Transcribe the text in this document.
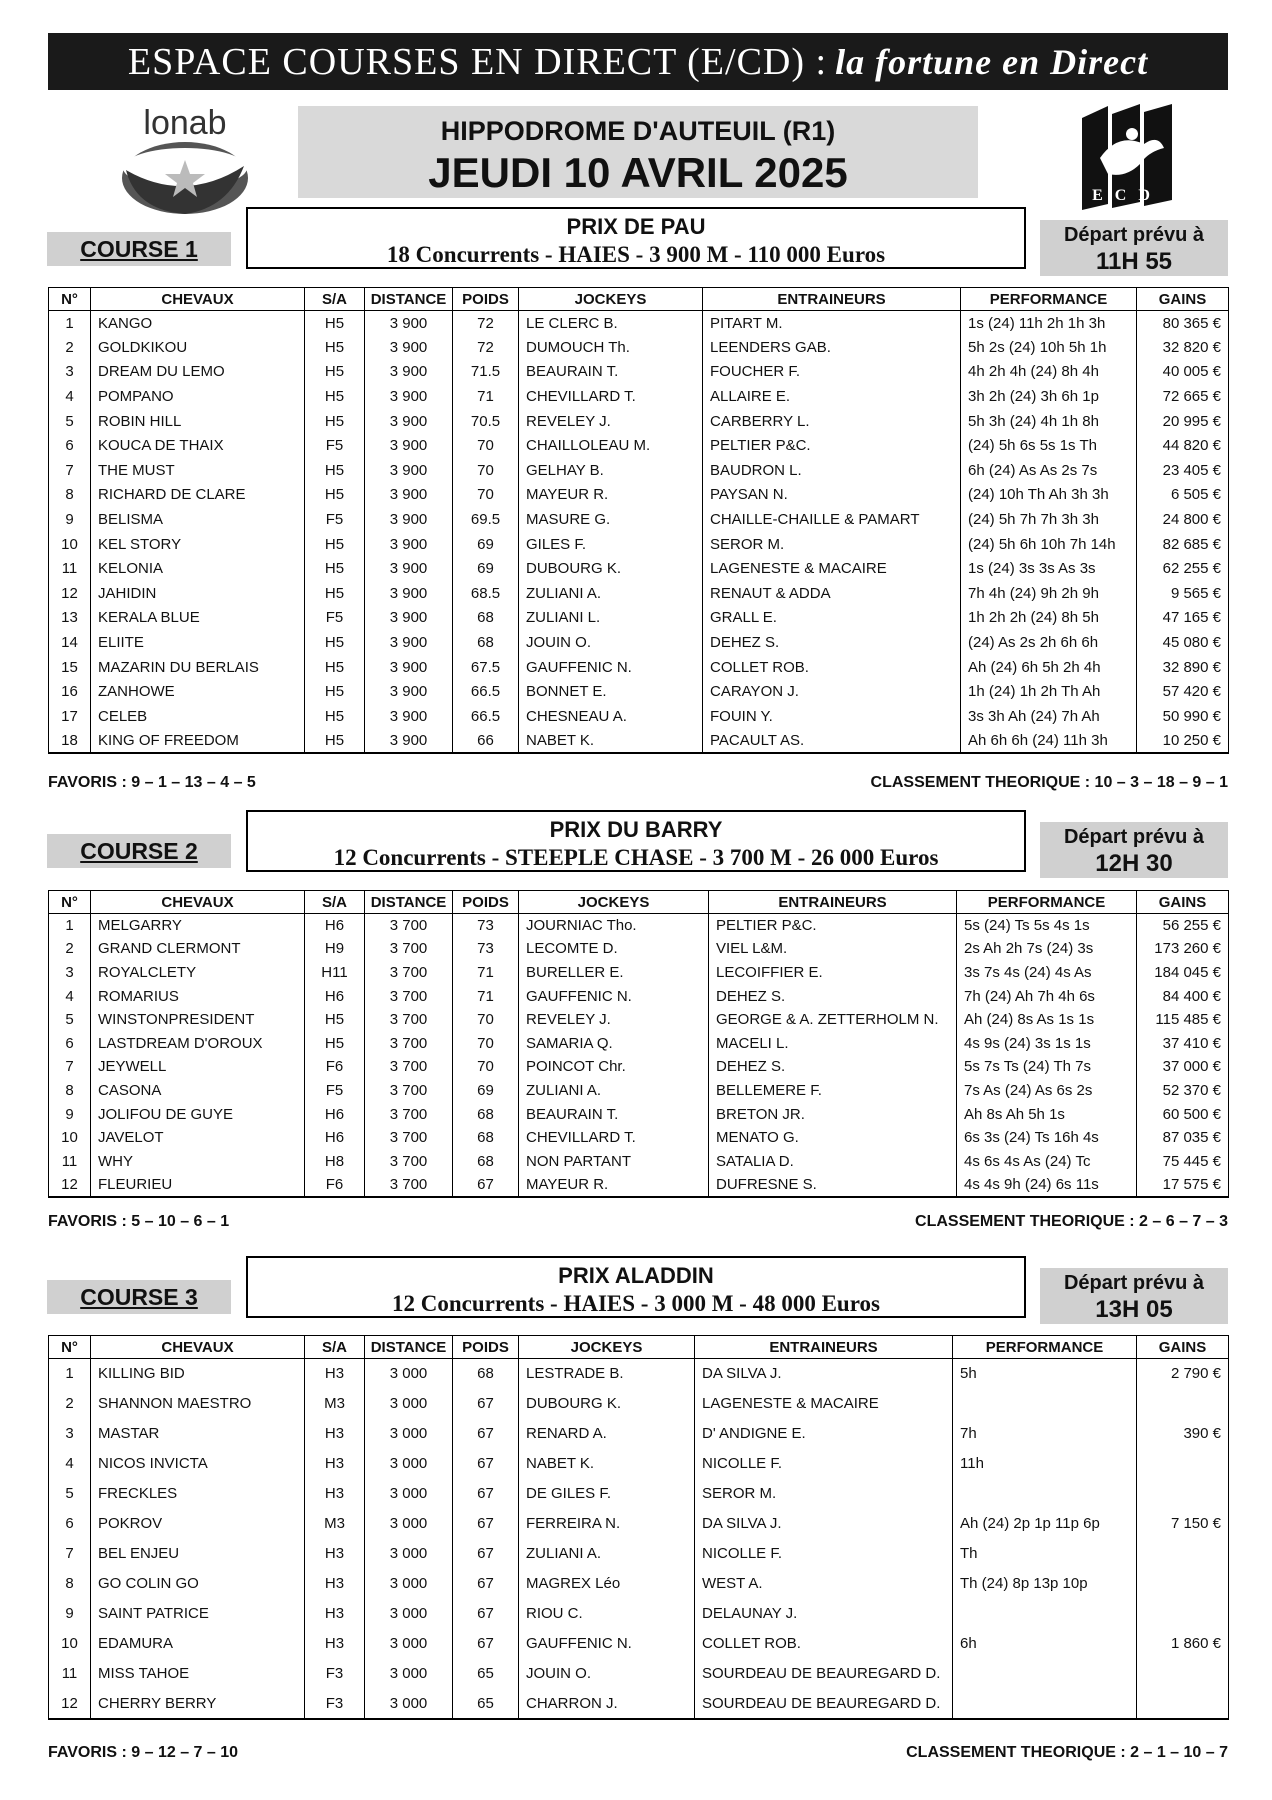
ESPACE COURSES EN DIRECT (E/CD) : la fortune en Direct
lonab	HIPPODROME D'AUTEUIL (R1)
JEUDI 10 AVRIL 2025	ECD
COURSE 1
PRIX DE PAU
18 Concurrents - HAIES - 3 900 M - 110 000 Euros
Départ prévu à
11H 55
N°	CHEVAUX	S/A	DISTANCE	POIDS	JOCKEYS	ENTRAINEURS	PERFORMANCE	GAINS
1	KANGO	H5	3 900	72	LE CLERC B.	PITART M.	1s (24) 11h 2h 1h 3h	80 365 €
2	GOLDKIKOU	H5	3 900	72	DUMOUCH Th.	LEENDERS GAB.	5h 2s (24) 10h 5h 1h	32 820 €
3	DREAM DU LEMO	H5	3 900	71.5	BEAURAIN T.	FOUCHER F.	4h 2h 4h (24) 8h 4h	40 005 €
4	POMPANO	H5	3 900	71	CHEVILLARD T.	ALLAIRE E.	3h 2h (24) 3h 6h 1p	72 665 €
5	ROBIN HILL	H5	3 900	70.5	REVELEY J.	CARBERRY L.	5h 3h (24) 4h 1h 8h	20 995 €
6	KOUCA DE THAIX	F5	3 900	70	CHAILLOLEAU M.	PELTIER P&C.	(24) 5h 6s 5s 1s Th	44 820 €
7	THE MUST	H5	3 900	70	GELHAY B.	BAUDRON L.	6h (24) As As 2s 7s	23 405 €
8	RICHARD DE CLARE	H5	3 900	70	MAYEUR R.	PAYSAN N.	(24) 10h Th Ah 3h 3h	6 505 €
9	BELISMA	F5	3 900	69.5	MASURE G.	CHAILLE-CHAILLE & PAMART	(24) 5h 7h 7h 3h 3h	24 800 €
10	KEL STORY	H5	3 900	69	GILES F.	SEROR M.	(24) 5h 6h 10h 7h 14h	82 685 €
11	KELONIA	H5	3 900	69	DUBOURG K.	LAGENESTE & MACAIRE	1s (24) 3s 3s As 3s	62 255 €
12	JAHIDIN	H5	3 900	68.5	ZULIANI A.	RENAUT & ADDA	7h 4h (24) 9h 2h 9h	9 565 €
13	KERALA BLUE	F5	3 900	68	ZULIANI L.	GRALL E.	1h 2h 2h (24) 8h 5h	47 165 €
14	ELIITE	H5	3 900	68	JOUIN O.	DEHEZ S.	(24) As 2s 2h 6h 6h	45 080 €
15	MAZARIN DU BERLAIS	H5	3 900	67.5	GAUFFENIC N.	COLLET ROB.	Ah (24) 6h 5h 2h 4h	32 890 €
16	ZANHOWE	H5	3 900	66.5	BONNET E.	CARAYON J.	1h (24) 1h 2h Th Ah	57 420 €
17	CELEB	H5	3 900	66.5	CHESNEAU A.	FOUIN Y.	3s 3h Ah (24) 7h Ah	50 990 €
18	KING OF FREEDOM	H5	3 900	66	NABET K.	PACAULT AS.	Ah 6h 6h (24) 11h 3h	10 250 €
FAVORIS : 9 – 1 – 13 – 4 – 5	CLASSEMENT THEORIQUE : 10 – 3 – 18 – 9 – 1
COURSE 2
PRIX DU BARRY
12 Concurrents - STEEPLE CHASE - 3 700 M - 26 000 Euros
Départ prévu à
12H 30
N°	CHEVAUX	S/A	DISTANCE	POIDS	JOCKEYS	ENTRAINEURS	PERFORMANCE	GAINS
1	MELGARRY	H6	3 700	73	JOURNIAC Tho.	PELTIER P&C.	5s (24) Ts 5s 4s 1s	56 255 €
2	GRAND CLERMONT	H9	3 700	73	LECOMTE D.	VIEL L&M.	2s Ah 2h 7s (24) 3s	173 260 €
3	ROYALCLETY	H11	3 700	71	BURELLER E.	LECOIFFIER E.	3s 7s 4s (24) 4s As	184 045 €
4	ROMARIUS	H6	3 700	71	GAUFFENIC N.	DEHEZ S.	7h (24) Ah 7h 4h 6s	84 400 €
5	WINSTONPRESIDENT	H5	3 700	70	REVELEY J.	GEORGE & A. ZETTERHOLM N.	Ah (24) 8s As 1s 1s	115 485 €
6	LASTDREAM D'OROUX	H5	3 700	70	SAMARIA Q.	MACELI L.	4s 9s (24) 3s 1s 1s	37 410 €
7	JEYWELL	F6	3 700	70	POINCOT Chr.	DEHEZ S.	5s 7s Ts (24) Th 7s	37 000 €
8	CASONA	F5	3 700	69	ZULIANI A.	BELLEMERE F.	7s As (24) As 6s 2s	52 370 €
9	JOLIFOU DE GUYE	H6	3 700	68	BEAURAIN T.	BRETON JR.	Ah 8s Ah 5h 1s	60 500 €
10	JAVELOT	H6	3 700	68	CHEVILLARD T.	MENATO G.	6s 3s (24) Ts 16h 4s	87 035 €
11	WHY	H8	3 700	68	NON PARTANT	SATALIA D.	4s 6s 4s As (24) Tc	75 445 €
12	FLEURIEU	F6	3 700	67	MAYEUR R.	DUFRESNE S.	4s 4s 9h (24) 6s 11s	17 575 €
FAVORIS : 5 – 10 – 6 – 1	CLASSEMENT THEORIQUE : 2 – 6 – 7 – 3
COURSE 3
PRIX ALADDIN
12 Concurrents - HAIES - 3 000 M - 48 000 Euros
Départ prévu à
13H 05
N°	CHEVAUX	S/A	DISTANCE	POIDS	JOCKEYS	ENTRAINEURS	PERFORMANCE	GAINS
1	KILLING BID	H3	3 000	68	LESTRADE B.	DA SILVA J.	5h	2 790 €
2	SHANNON MAESTRO	M3	3 000	67	DUBOURG K.	LAGENESTE & MACAIRE		
3	MASTAR	H3	3 000	67	RENARD A.	D' ANDIGNE E.	7h	390 €
4	NICOS INVICTA	H3	3 000	67	NABET K.	NICOLLE F.	11h	
5	FRECKLES	H3	3 000	67	DE GILES F.	SEROR M.		
6	POKROV	M3	3 000	67	FERREIRA N.	DA SILVA J.	Ah (24) 2p 1p 11p 6p	7 150 €
7	BEL ENJEU	H3	3 000	67	ZULIANI A.	NICOLLE F.	Th	
8	GO COLIN GO	H3	3 000	67	MAGREX Léo	WEST A.	Th (24) 8p 13p 10p	
9	SAINT PATRICE	H3	3 000	67	RIOU C.	DELAUNAY J.		
10	EDAMURA	H3	3 000	67	GAUFFENIC N.	COLLET ROB.	6h	1 860 €
11	MISS TAHOE	F3	3 000	65	JOUIN O.	SOURDEAU DE BEAUREGARD D.		
12	CHERRY BERRY	F3	3 000	65	CHARRON J.	SOURDEAU DE BEAUREGARD D.		
FAVORIS : 9 – 12 – 7 – 10	CLASSEMENT THEORIQUE : 2 – 1 – 10 – 7
